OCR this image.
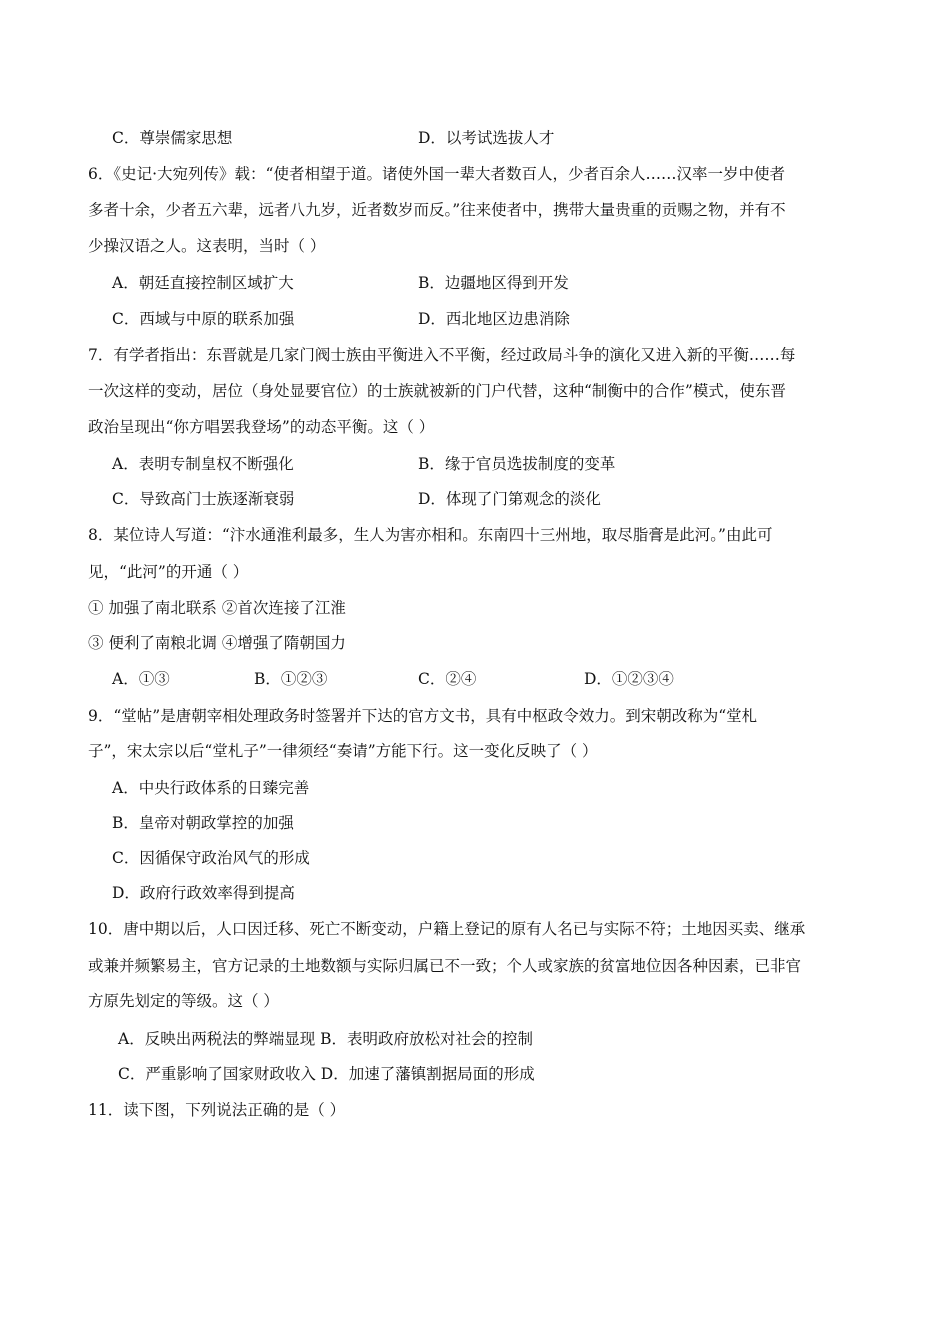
C．尊崇儒家思想	D．以考试选拔人才
6．《史记·大宛列传》载：“使者相望于道。诸使外国一辈大者数百人，少者百余人……汉率一岁中使者
多者十余，少者五六辈，远者八九岁，近者数岁而反。”往来使者中，携带大量贵重的贡赐之物，并有不
少操汉语之人。这表明，当时（ ）
A．朝廷直接控制区域扩大	B．边疆地区得到开发
C．西域与中原的联系加强	D．西北地区边患消除
7．有学者指出：东晋就是几家门阀士族由平衡进入不平衡，经过政局斗争的演化又进入新的平衡……每
一次这样的变动，居位（身处显要官位）的士族就被新的门户代替，这种“制衡中的合作”模式，使东晋
政治呈现出“你方唱罢我登场”的动态平衡。这（ ）
A．表明专制皇权不断强化	B．缘于官员选拔制度的变革
C．导致高门士族逐渐衰弱	D．体现了门第观念的淡化
8．某位诗人写道：“汴水通淮利最多，生人为害亦相和。东南四十三州地，取尽脂膏是此河。”由此可
见，“此河”的开通（ ）
① 加强了南北联系 ②首次连接了江淮
③ 便利了南粮北调 ④增强了隋朝国力
A．①③	B．①②③	C．②④	D．①②③④
9．“堂帖”是唐朝宰相处理政务时签署并下达的官方文书，具有中枢政令效力。到宋朝改称为“堂札
子”，宋太宗以后“堂札子”一律须经“奏请”方能下行。这一变化反映了（ ）
A．中央行政体系的日臻完善
B．皇帝对朝政掌控的加强
C．因循保守政治风气的形成
D．政府行政效率得到提高
10．唐中期以后，人口因迁移、死亡不断变动，户籍上登记的原有人名已与实际不符；土地因买卖、继承
或兼并频繁易主，官方记录的土地数额与实际归属已不一致；个人或家族的贫富地位因各种因素，已非官
方原先划定的等级。这（ ）
A．反映出两税法的弊端显现 B．表明政府放松对社会的控制
C．严重影响了国家财政收入 D．加速了藩镇割据局面的形成
11．读下图，下列说法正确的是（ ）
